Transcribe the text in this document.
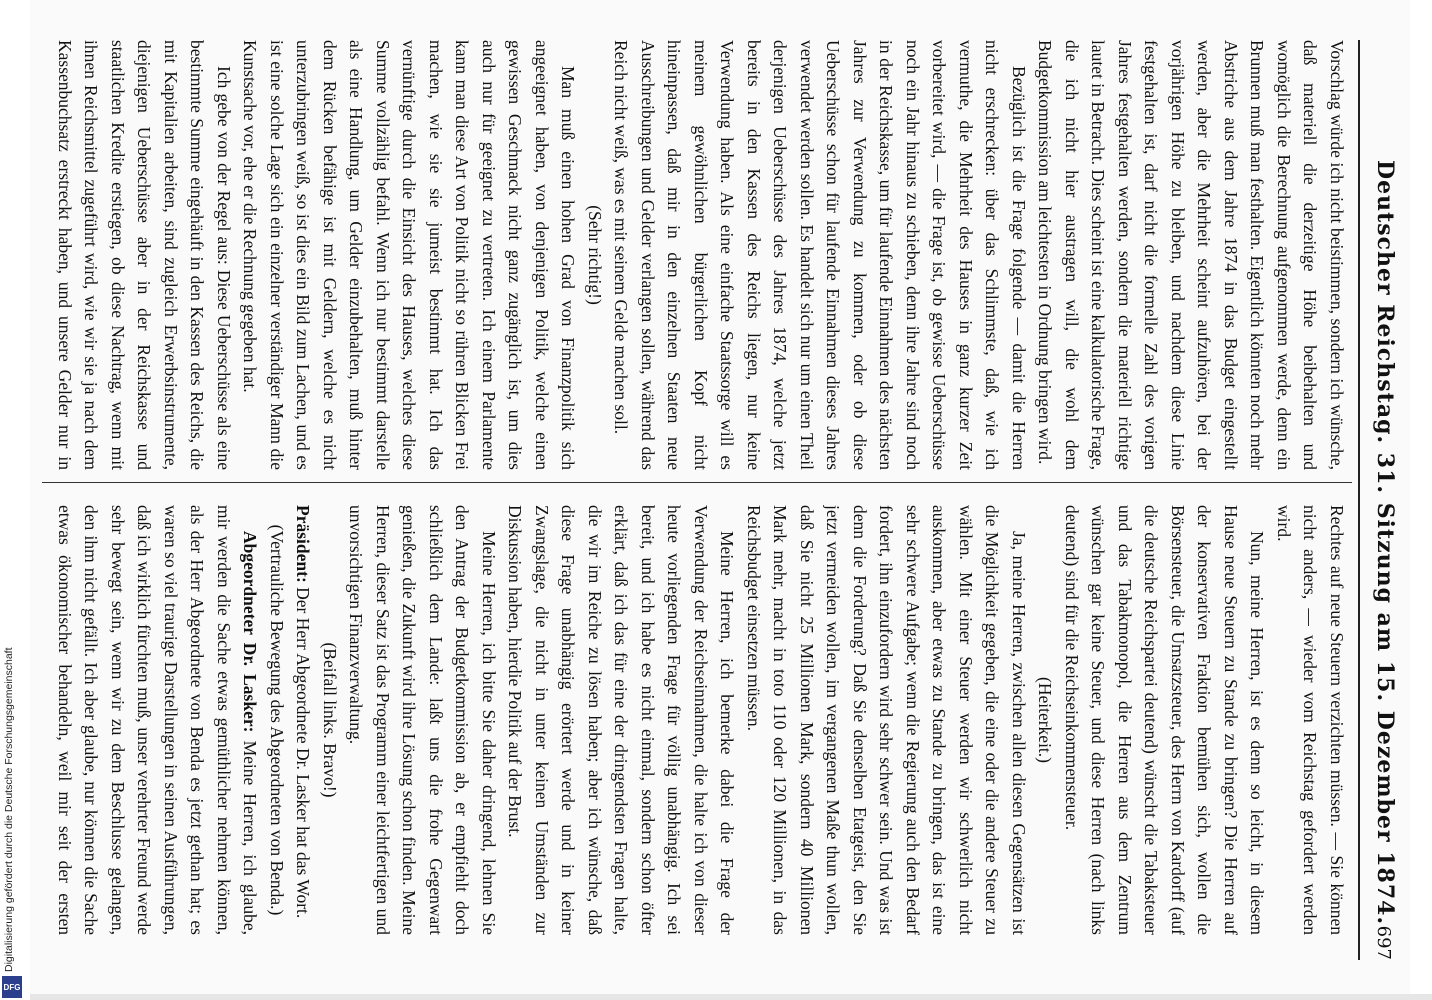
Digitalisierung gefördert durch die Deutsche Forschungsgemeinschaft
DFG
Deutscher Reichstag. 31. Sitzung am 15. Dezember 1874.
697

Vorschlag würde ich nicht beistimmen, sondern ich wünsche, daß materiell die derzeitige Höhe beibehalten und womöglich die Berechnung aufgenommen werde, denn ein Brunnen muß man festhalten. Eigentlich könnten noch mehr Abstriche aus dem Jahre 1874 in das Budget eingestellt werden, aber die Mehrheit scheint aufzuhören, bei der vorjährigen Höhe zu bleiben, und nachdem diese Linie festgehalten ist, darf nicht die formelle Zahl des vorigen Jahres festgehalten werden, sondern die materiell richtige lautet in Betracht. Dies scheint ist eine kalkulatorische Frage, die ich nicht hier austragen will, die wohl dem Budgetkommission am leichtesten in Ordnung bringen wird.

Bezüglich ist die Frage folgende — damit die Herren nicht erschrecken: über das Schlimmste, daß, wie ich vermuthe, die Mehrheit des Hauses in ganz kurzer Zeit vorbereitet wird, — die Frage ist, ob gewisse Ueberschüsse noch ein Jahr hinaus zu schieben, denn ihre Jahre sind noch in der Reichskasse, um für laufende Einnahmen des nächsten Jahres zur Verwendung zu kommen, oder ob diese Ueberschüsse schon für laufende Einnahmen dieses Jahres verwendet werden sollen. Es handelt sich nur um einen Theil derjenigen Ueberschüsse des Jahres 1874, welche jetzt bereits in den Kassen des Reichs liegen, nur keine Verwendung haben. Als eine einfache Staatssorge will es meinem gewöhnlichen bürgerlichen Kopf nicht hineinpassen, daß mir in den einzelnen Staaten neue Ausschreibungen und Gelder verlangen sollen, während das Reich nicht weiß, was es mit seinem Gelde machen soll.

(Sehr richtig!)

Man muß einen hohen Grad von Finanzpolitik sich angeeignet haben, von denjenigen Politik, welche einen gewissen Geschmack nicht ganz zugänglich ist, um dies auch nur für geeignet zu vertreten. Ich einem Parlamente kann man diese Art von Politik nicht so rühren Blicken Frei machen, wie sie sie jumeist bestimmt hat. Ich das vernünftige durch die Einsicht des Hauses, welches diese Summe vollzählig befahl. Wenn ich nur bestimmt darstelle als eine Handlung, um Gelder einzubehalten, muß hinter dem Rücken befähige ist mit Geldern, welche es nicht unterzubringen weiß, so ist dies ein Bild zum Lachen, und es ist eine solche Lage sich ein einzelner verständiger Mann die Kunstsache vor, ehe er die Rechnung gegeben hat.

Ich gebe von der Regel aus: Diese Ueberschüsse als eine bestimmte Summe eingehäuft in den Kassen des Reichs, die mit Kapitalien arbeiten, sind zugleich Erwerbsinstrumente, diejenigen Ueberschüsse aber in der Reichskasse und staatlichen Kredite erstiegen, ob diese Nachtrag, wenn mit ihnen Reichsmittel zugeführt wird, wie wir sie ja nach dem Kassenbuchsatz erstreckt haben, und unsere Gelder nur in

Rechtes auf neue Steuern verzichten müssen. — Sie können nicht anders, — wieder vom Reichstag gefordert werden wird.

Nun, meine Herren, ist es denn so leicht, in diesem Hause neue Steuern zu Stande zu bringen? Die Herren auf der konservativen Fraktion bemühen sich, wollen die Börsensteuer, die Umsatzsteuer, des Herrn von Kardorff (auf die deutsche Reichspartei deutend) wünscht die Tabaksteuer und das Tabakmonopol, die Herren aus dem Zentrum wünschen gar keine Steuer, und diese Herren (nach links deutend) sind für die Reichseinkommensteuer.

(Heiterkeit.)

Ja, meine Herren, zwischen allen diesen Gegensätzen ist die Möglichkeit gegeben, die eine oder die andere Steuer zu wählen. Mit einer Steuer werden wir schwerlich nicht auskommen, aber etwas zu Stande zu bringen, das ist eine sehr schwere Aufgabe; wenn die Regierung auch den Bedarf fordert, ihn einzufordern wird sehr schwer sein. Und was ist denn die Forderung? Daß Sie denselben Etatgeist, den Sie jetzt vermeiden wollen, im vergangenen Maße thun wollen, daß Sie nicht 25 Millionen Mark, sondern 40 Millionen Mark mehr, macht in toto 110 oder 120 Millionen, in das Reichsbudget einsetzen müssen.

Meine Herren, ich bemerke dabei die Frage der Verwendung der Reichseinnahmen, die halte ich von dieser heute vorliegenden Frage für völlig unabhängig. Ich sei bereit, und ich habe es nicht einmal, sondern schon öfter erklärt, daß ich das für eine der dringendsten Fragen halte, die wir im Reiche zu lösen haben; aber ich wünsche, daß diese Frage unabhängig erörtert werde und in keiner Zwangslage, die nicht in unter keinen Umständen zur Diskussion haben, hierdie Politik auf der Brust.

Meine Herren, ich bitte Sie daher dringend, lehnen Sie den Antrag der Budgetkommission ab, er empfiehlt doch schließlich dem Lande: laßt uns die frohe Gegenwart genießen, die Zukunft wird ihre Lösung schon finden. Meine Herren, dieser Satz ist das Programm einer leichtfertigen und unvorsichtigen Finanzverwaltung.

(Beifall links. Bravo!)

Präsident: Der Herr Abgeordnete Dr. Lasker hat das Wort.

(Vertrauliche Bewegung des Abgeordneten von Benda.)

Abgeordneter Dr. Lasker: Meine Herren, ich glaube, mir werden die Sache etwas gemüthlicher nehmen können, als der Herr Abgeordnete von Benda es jetzt gethan hat; es waren so viel traurige Darstellungen in seinen Ausführungen, daß ich wirklich fürchten muß, unser verehrter Freund werde sehr bewegt sein, wenn wir zu dem Beschlusse gelangen, den ihm nicht gefällt. Ich aber glaube, nur können die Sache etwas ökonomischer behandeln, weil mir seit der ersten
